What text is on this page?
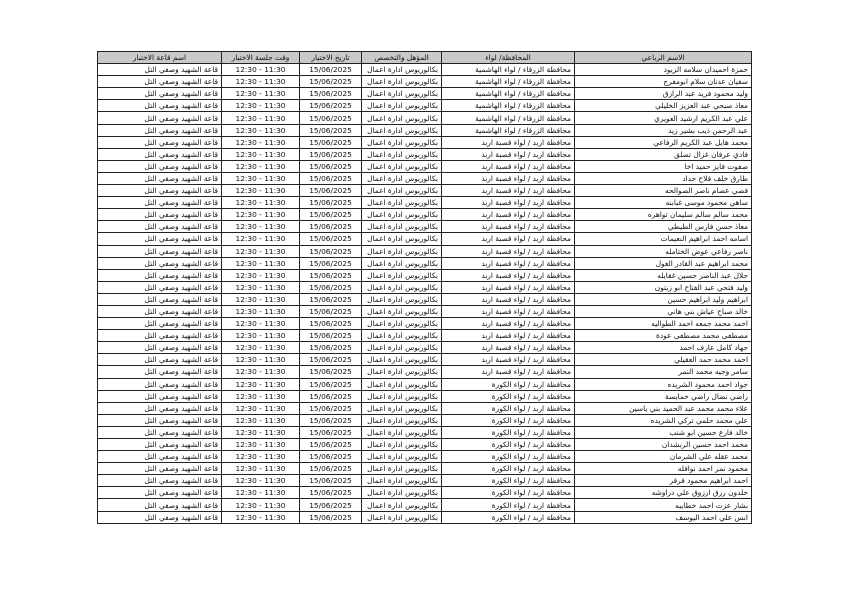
الاسم الرباعي	المحافظة/ لواء	المؤهل والتخصص	تاريخ الاختبار	وقت جلسة الاختبار	اسم قاعة الاختبار
حمزة احميدان سلامه الزيود	محافظة الزرقاء / لواء الهاشمية	بكالوريوس ادارة اعمال	15/06/2025	11:30 - 12:30	قاعة الشهيد وصفي التل
سفيان عدنان سلام ابومفرج	محافظة الزرقاء / لواء الهاشمية	بكالوريوس ادارة اعمال	15/06/2025	11:30 - 12:30	قاعة الشهيد وصفي التل
وليد محمود فريد عبد الرازق	محافظة الزرقاء / لواء الهاشمية	بكالوريوس ادارة اعمال	15/06/2025	11:30 - 12:30	قاعة الشهيد وصفي التل
معاذ صبحي عبد العزيز الخليلي	محافظة الزرقاء / لواء الهاشمية	بكالوريوس ادارة اعمال	15/06/2025	11:30 - 12:30	قاعة الشهيد وصفي التل
علي عبد الكريم ارشيد العويري	محافظة الزرقاء / لواء الهاشمية	بكالوريوس ادارة اعمال	15/06/2025	11:30 - 12:30	قاعة الشهيد وصفي التل
عبد الرحمن ذيب بشير زيد	محافظة الزرقاء / لواء الهاشمية	بكالوريوس ادارة اعمال	15/06/2025	11:30 - 12:30	قاعة الشهيد وصفي التل
محمد هايل عبد الكريم الرفاعي	محافظة اربد / لواء قصبة اربد	بكالوريوس ادارة اعمال	15/06/2025	11:30 - 12:30	قاعة الشهيد وصفي التل
فادي عرفان غزال تصلق	محافظة اربد / لواء قصبة اربد	بكالوريوس ادارة اعمال	15/06/2025	11:30 - 12:30	قاعة الشهيد وصفي التل
صفوت فايز حميد اخا	محافظة اربد / لواء قصبة اربد	بكالوريوس ادارة اعمال	15/06/2025	11:30 - 12:30	قاعة الشهيد وصفي التل
طارق خلف فلاح حداد	محافظة اربد / لواء قصبة اربد	بكالوريوس ادارة اعمال	15/06/2025	11:30 - 12:30	قاعة الشهيد وصفي التل
فضي عصام ناصر الصوالحه	محافظة اربد / لواء قصبة اربد	بكالوريوس ادارة اعمال	15/06/2025	11:30 - 12:30	قاعة الشهيد وصفي التل
ساهي محمود موسى غبابنه	محافظة اربد / لواء قصبة اربد	بكالوريوس ادارة اعمال	15/06/2025	11:30 - 12:30	قاعة الشهيد وصفي التل
محمد سالم سالم سليمان تواهره	محافظة اربد / لواء قصبة اربد	بكالوريوس ادارة اعمال	15/06/2025	11:30 - 12:30	قاعة الشهيد وصفي التل
معاذ حسن فارس الطيطي	محافظة اربد / لواء قصبة اربد	بكالوريوس ادارة اعمال	15/06/2025	11:30 - 12:30	قاعة الشهيد وصفي التل
اسامه احمد ابراهيم النعيمات	محافظة اربد / لواء قصبة اربد	بكالوريوس ادارة اعمال	15/06/2025	11:30 - 12:30	قاعة الشهيد وصفي التل
ناصر رفاعي عوض الختامله	محافظة اربد / لواء قصبة اربد	بكالوريوس ادارة اعمال	15/06/2025	11:30 - 12:30	قاعة الشهيد وصفي التل
محمد ابراهيم عبد القادر الغول	محافظة اربد / لواء قصبة اربد	بكالوريوس ادارة اعمال	15/06/2025	11:30 - 12:30	قاعة الشهيد وصفي التل
جلال عبد الناصر حسين غقايله	محافظة اربد / لواء قصبة اربد	بكالوريوس ادارة اعمال	15/06/2025	11:30 - 12:30	قاعة الشهيد وصفي التل
وليد فتحي عبد الفتاح ابو زيتون	محافظة اربد / لواء قصبة اربد	بكالوريوس ادارة اعمال	15/06/2025	11:30 - 12:30	قاعة الشهيد وصفي التل
ابراهيم وليد ابراهيم حسين	محافظة اربد / لواء قصبة اربد	بكالوريوس ادارة اعمال	15/06/2025	11:30 - 12:30	قاعة الشهيد وصفي التل
خالد صباح عياش بني هاني	محافظة اربد / لواء قصبة اربد	بكالوريوس ادارة اعمال	15/06/2025	11:30 - 12:30	قاعة الشهيد وصفي التل
احمد محمد جمعه احمد الطواليه	محافظة اربد / لواء قصبة اربد	بكالوريوس ادارة اعمال	15/06/2025	11:30 - 12:30	قاعة الشهيد وصفي التل
مصطفى محمد مصطفى عودة	محافظة اربد / لواء قصبة اربد	بكالوريوس ادارة اعمال	15/06/2025	11:30 - 12:30	قاعة الشهيد وصفي التل
جهاد كامل عارف احمد	محافظة اربد / لواء قصبة اربد	بكالوريوس ادارة اعمال	15/06/2025	11:30 - 12:30	قاعة الشهيد وصفي التل
احمد محمد حمد العقيلي	محافظة اربد / لواء قصبة اربد	بكالوريوس ادارة اعمال	15/06/2025	11:30 - 12:30	قاعة الشهيد وصفي التل
سامر وجيه محمد النمر	محافظة اربد / لواء قصبة اربد	بكالوريوس ادارة اعمال	15/06/2025	11:30 - 12:30	قاعة الشهيد وصفي التل
جواد احمد محمود الشريده	محافظة اربد / لواء الكورة	بكالوريوس ادارة اعمال	15/06/2025	11:30 - 12:30	قاعة الشهيد وصفي التل
راضي نضال راضي خمايسة	محافظة اربد / لواء الكورة	بكالوريوس ادارة اعمال	15/06/2025	11:30 - 12:30	قاعة الشهيد وصفي التل
علاء محمد محمد عبد الحميد بني ياسين	محافظة اربد / لواء الكورة	بكالوريوس ادارة اعمال	15/06/2025	11:30 - 12:30	قاعة الشهيد وصفي التل
علي محمد حلمي تركي الشريده	محافظة اربد / لواء الكورة	بكالوريوس ادارة اعمال	15/06/2025	11:30 - 12:30	قاعة الشهيد وصفي التل
خالد فارع حسين ابو شنب	محافظة اربد / لواء الكورة	بكالوريوس ادارة اعمال	15/06/2025	11:30 - 12:30	قاعة الشهيد وصفي التل
محمد احمد حسين الربشدان	محافظة اربد / لواء الكورة	بكالوريوس ادارة اعمال	15/06/2025	11:30 - 12:30	قاعة الشهيد وصفي التل
محمد عقله علي الشرمان	محافظة اربد / لواء الكورة	بكالوريوس ادارة اعمال	15/06/2025	11:30 - 12:30	قاعة الشهيد وصفي التل
محمود نمر احمد نوافله	محافظة اربد / لواء الكورة	بكالوريوس ادارة اعمال	15/06/2025	11:30 - 12:30	قاعة الشهيد وصفي التل
احمد ابراهيم محمود قرقر	محافظة اربد / لواء الكورة	بكالوريوس ادارة اعمال	15/06/2025	11:30 - 12:30	قاعة الشهيد وصفي التل
خلدون رزق ارزوق علي دراوشه	محافظة اربد / لواء الكورة	بكالوريوس ادارة اعمال	15/06/2025	11:30 - 12:30	قاعة الشهيد وصفي التل
بشار عزت احمد خطايبه	محافظة اربد / لواء الكورة	بكالوريوس ادارة اعمال	15/06/2025	11:30 - 12:30	قاعة الشهيد وصفي التل
انس علي احمد اليوسف	محافظة اربد / لواء الكورة	بكالوريوس ادارة اعمال	15/06/2025	11:30 - 12:30	قاعة الشهيد وصفي التل
